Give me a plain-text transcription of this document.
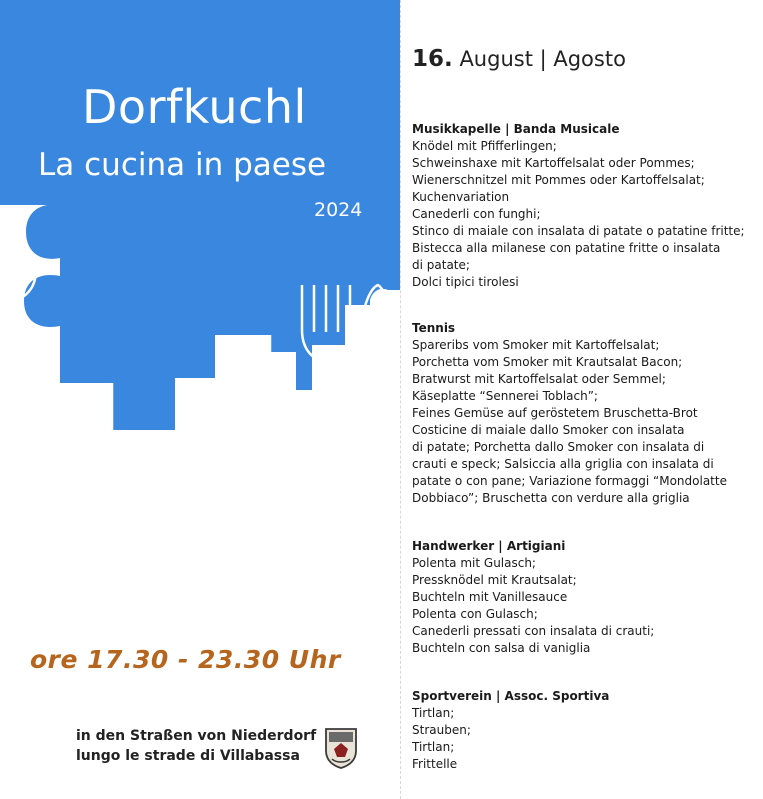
Dorfkuchl
La cucina in paese
2024
ore 17.30 - 23.30 Uhr
in den Straßen von Niederdorf
lungo le strade di Villabassa
16. August | Agosto
Musikkapelle | Banda Musicale

Knödel mit Pfifferlingen;

Schweinshaxe mit Kartoffelsalat oder Pommes;

Wienerschnitzel mit Pommes oder Kartoffelsalat;

Kuchenvariation

Canederli con funghi;

Stinco di maiale con insalata di patate o patatine fritte;

Bistecca alla milanese con patatine fritte o insalata

di patate;

Dolci tipici tirolesi

Tennis

Spareribs vom Smoker mit Kartoffelsalat;

Porchetta vom Smoker mit Krautsalat Bacon;

Bratwurst mit Kartoffelsalat oder Semmel;

Käseplatte “Sennerei Toblach”;

Feines Gemüse auf geröstetem Bruschetta-Brot

Costicine di maiale dallo Smoker con insalata

di patate; Porchetta dallo Smoker con insalata di

crauti e speck; Salsiccia alla griglia con insalata di

patate o con pane; Variazione formaggi “Mondolatte

Dobbiaco”; Bruschetta con verdure alla griglia

Handwerker | Artigiani

Polenta mit Gulasch;

Pressknödel mit Krautsalat;

Buchteln mit Vanillesauce

Polenta con Gulasch;

Canederli pressati con insalata di crauti;

Buchteln con salsa di vaniglia

Sportverein | Assoc. Sportiva

Tirtlan;

Strauben;

Tirtlan;

Frittelle
